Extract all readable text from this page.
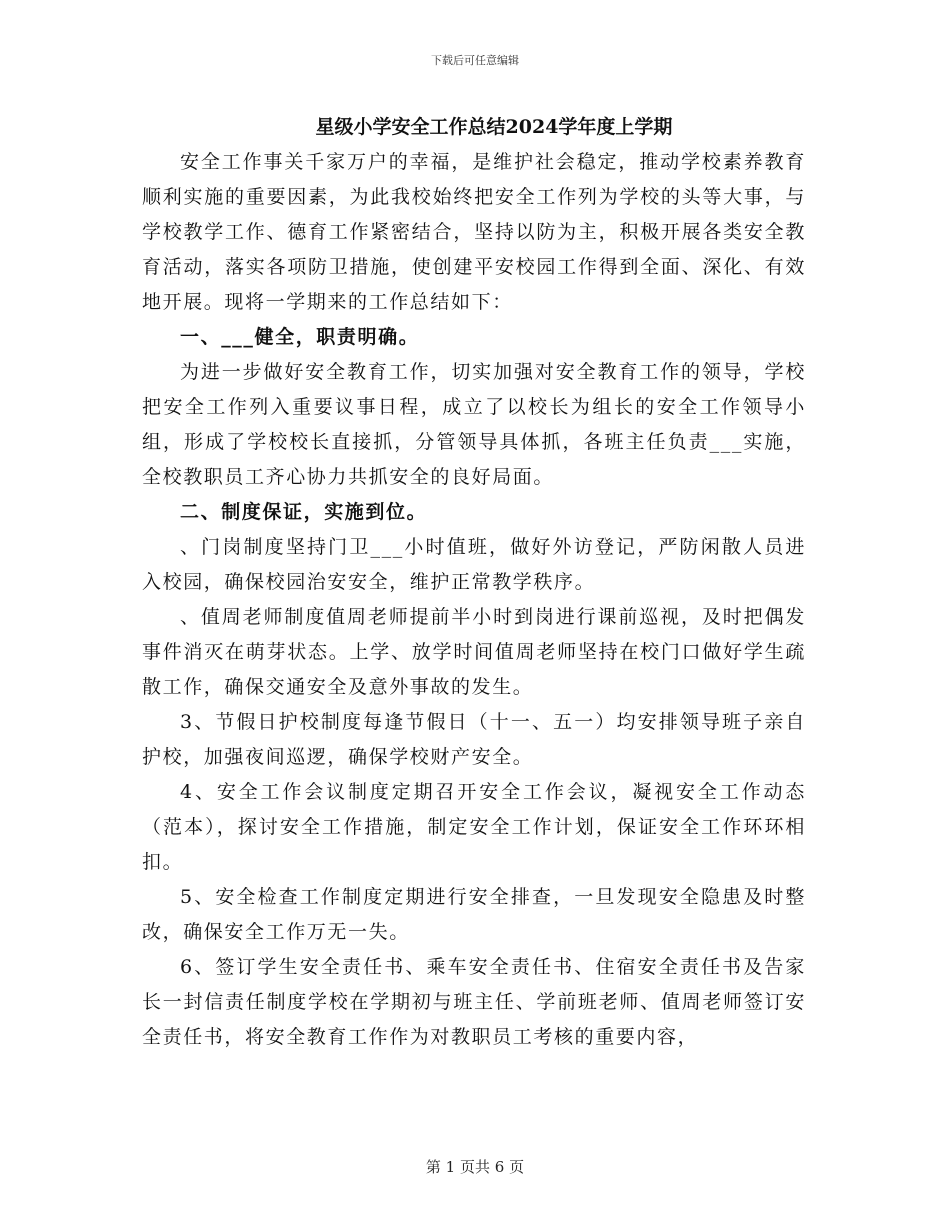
下载后可任意编辑
星级小学安全工作总结2024学年度上学期

安全工作事关千家万户的幸福，是维护社会稳定，推动学校素养教育顺利实施的重要因素，为此我校始终把安全工作列为学校的头等大事，与学校教学工作、德育工作紧密结合，坚持以防为主，积极开展各类安全教育活动，落实各项防卫措施，使创建平安校园工作得到全面、深化、有效地开展。现将一学期来的工作总结如下：

一、___健全，职责明确。

为进一步做好安全教育工作，切实加强对安全教育工作的领导，学校把安全工作列入重要议事日程，成立了以校长为组长的安全工作领导小组，形成了学校校长直接抓，分管领导具体抓，各班主任负责___实施，全校教职员工齐心协力共抓安全的良好局面。

二、制度保证，实施到位。

、门岗制度坚持门卫___小时值班，做好外访登记，严防闲散人员进入校园，确保校园治安安全，维护正常教学秩序。

、值周老师制度值周老师提前半小时到岗进行课前巡视，及时把偶发事件消灭在萌芽状态。上学、放学时间值周老师坚持在校门口做好学生疏散工作，确保交通安全及意外事故的发生。

3、节假日护校制度每逢节假日（十一、五一）均安排领导班子亲自护校，加强夜间巡逻，确保学校财产安全。

4、安全工作会议制度定期召开安全工作会议，凝视安全工作动态（范本），探讨安全工作措施，制定安全工作计划，保证安全工作环环相扣。

5、安全检查工作制度定期进行安全排查，一旦发现安全隐患及时整改，确保安全工作万无一失。

6、签订学生安全责任书、乘车安全责任书、住宿安全责任书及告家长一封信责任制度学校在学期初与班主任、学前班老师、值周老师签订安全责任书，将安全教育工作作为对教职员工考核的重要内容，

第 1 页共 6 页
